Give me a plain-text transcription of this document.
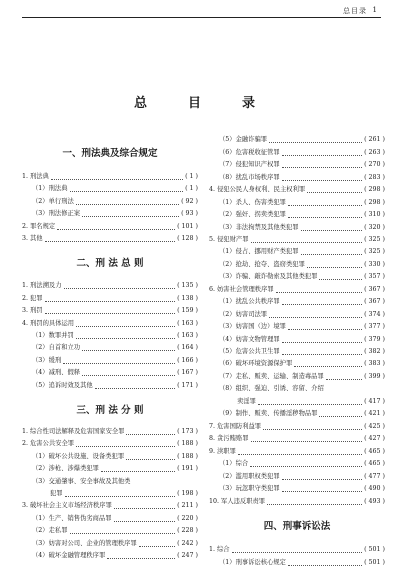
总目录 1
总　目　录
一、刑法典及综合规定
1. 刑法典	( 1 )
（1）刑法典	( 1 )
（2）单行刑法	( 92 )
（3）刑法修正案	( 93 )
2. 罪名规定	( 101 )
3. 其他	( 128 )
二、刑 法 总 则
1. 刑法溯及力	( 135 )
2. 犯罪	( 138 )
3. 刑罚	( 159 )
4. 刑罚的具体运用	( 163 )
（1）数罪并罚	( 163 )
（2）自首和立功	( 164 )
（3）缓刑	( 166 )
（4）减刑、假释	( 167 )
（5）追诉时效及其他	( 171 )
三、刑 法 分 则
1. 综合性司法解释及危害国家安全罪	( 173 )
2. 危害公共安全罪	( 188 )
（1）破坏公共设施、设备类犯罪	( 188 )
（2）涉枪、涉爆类犯罪	( 191 )
（3）交通肇事、安全事故及其他类
犯罪	( 198 )
3. 破坏社会主义市场经济秩序罪	( 211 )
（1）生产、销售伪劣商品罪	( 220 )
（2）走私罪	( 228 )
（3）妨害对公司、企业的管理秩序罪	( 242 )
（4）破坏金融管理秩序罪	( 247 )
（5）金融诈骗罪	( 261 )
（6）危害税收征管罪	( 263 )
（7）侵犯知识产权罪	( 270 )
（8）扰乱市场秩序罪	( 283 )
4. 侵犯公民人身权利、民主权利罪	( 298 )
（1）杀人、伤害类犯罪	( 298 )
（2）强奸、拐卖类犯罪	( 310 )
（3）非法拘禁及其他类犯罪	( 320 )
5. 侵犯财产罪	( 325 )
（1）侵占、挪用财产类犯罪	( 325 )
（2）抢劫、抢夺、盗窃类犯罪	( 330 )
（3）诈骗、敲诈勒索及其他类犯罪	( 357 )
6. 妨害社会管理秩序罪	( 367 )
（1）扰乱公共秩序罪	( 367 )
（2）妨害司法罪	( 374 )
（3）妨害国（边）境罪	( 377 )
（4）妨害文物管理罪	( 379 )
（5）危害公共卫生罪	( 382 )
（6）破坏环境资源保护罪	( 383 )
（7）走私、贩卖、运输、制造毒品罪	( 399 )
（8）组织、强迫、引诱、容留、介绍
卖淫罪	( 417 )
（9）制作、贩卖、传播淫秽物品罪	( 421 )
7. 危害国防利益罪	( 425 )
8. 贪污贿赂罪	( 427 )
9. 渎职罪	( 465 )
（1）综合	( 465 )
（2）滥用职权类犯罪	( 477 )
（3）玩忽职守类犯罪	( 490 )
10. 军人违反职责罪	( 493 )
四、刑事诉讼法
1. 综合	( 501 )
（1）刑事诉讼核心规定	( 501 )
